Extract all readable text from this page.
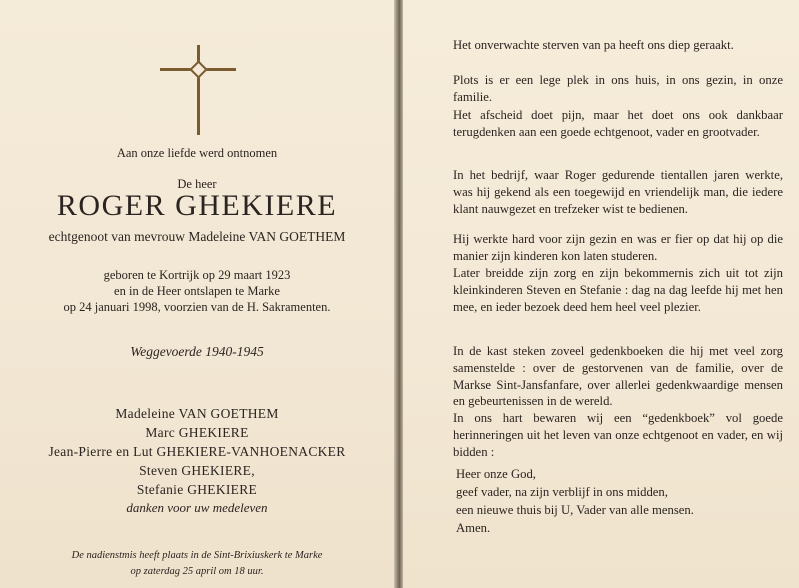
Aan onze liefde werd ontnomen
De heer
ROGER GHEKIERE
echtgenoot van mevrouw Madeleine VAN GOETHEM
geboren te Kortrijk op 29 maart 1923
en in de Heer ontslapen te Marke
op 24 januari 1998, voorzien van de H. Sakramenten.
Weggevoerde 1940-1945
Madeleine VAN GOETHEM
Marc GHEKIERE
Jean-Pierre en Lut GHEKIERE-VANHOENACKER
Steven GHEKIERE,
Stefanie GHEKIERE
danken voor uw medeleven
De nadienstmis heeft plaats in de Sint-Brixiuskerk te Marke
op zaterdag 25 april om 18 uur.
Het onverwachte sterven van pa heeft ons diep geraakt.
Plots is er een lege plek in ons huis, in ons gezin, in onze familie.
Het afscheid doet pijn, maar het doet ons ook dankbaar terugdenken aan een goede echtgenoot, vader en grootvader.
In het bedrijf, waar Roger gedurende tientallen jaren werkte, was hij gekend als een toegewijd en vriendelijk man, die iedere klant nauwgezet en trefzeker wist te bedienen.
Hij werkte hard voor zijn gezin en was er fier op dat hij op die manier zijn kinderen kon laten studeren.
Later breidde zijn zorg en zijn bekommernis zich uit tot zijn kleinkinderen Steven en Stefanie : dag na dag leefde hij met hen mee, en ieder bezoek deed hem heel veel plezier.
In de kast steken zoveel gedenkboeken die hij met veel zorg samenstelde : over de gestorvenen van de familie, over de Markse Sint-Jansfanfare, over allerlei gedenkwaardige mensen en gebeurtenissen in de wereld.
In ons hart bewaren wij een “gedenkboek” vol goede herinneringen uit het leven van onze echtgenoot en vader, en wij bidden :
Heer onze God,
geef vader, na zijn verblijf in ons midden,
een nieuwe thuis bij U, Vader van alle mensen.
Amen.
